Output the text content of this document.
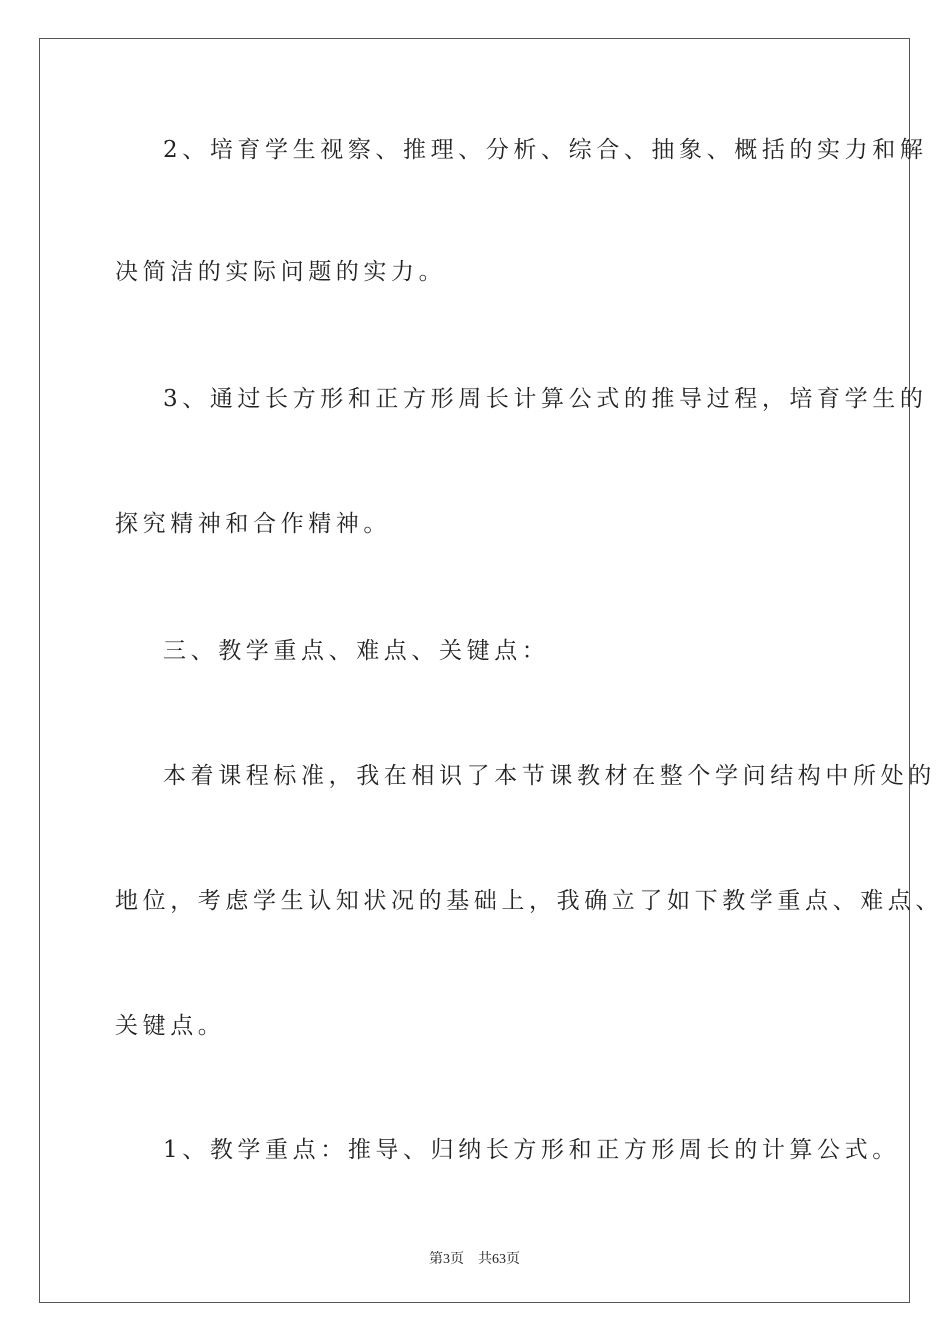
2、培育学生视察、推理、分析、综合、抽象、概括的实力和解
决简洁的实际问题的实力。
3、通过长方形和正方形周长计算公式的推导过程，培育学生的
探究精神和合作精神。
三、教学重点、难点、关键点：
本着课程标准，我在相识了本节课教材在整个学问结构中所处的
地位，考虑学生认知状况的基础上，我确立了如下教学重点、难点、
关键点。
1、教学重点：推导、归纳长方形和正方形周长的计算公式。
第3页 共63页
